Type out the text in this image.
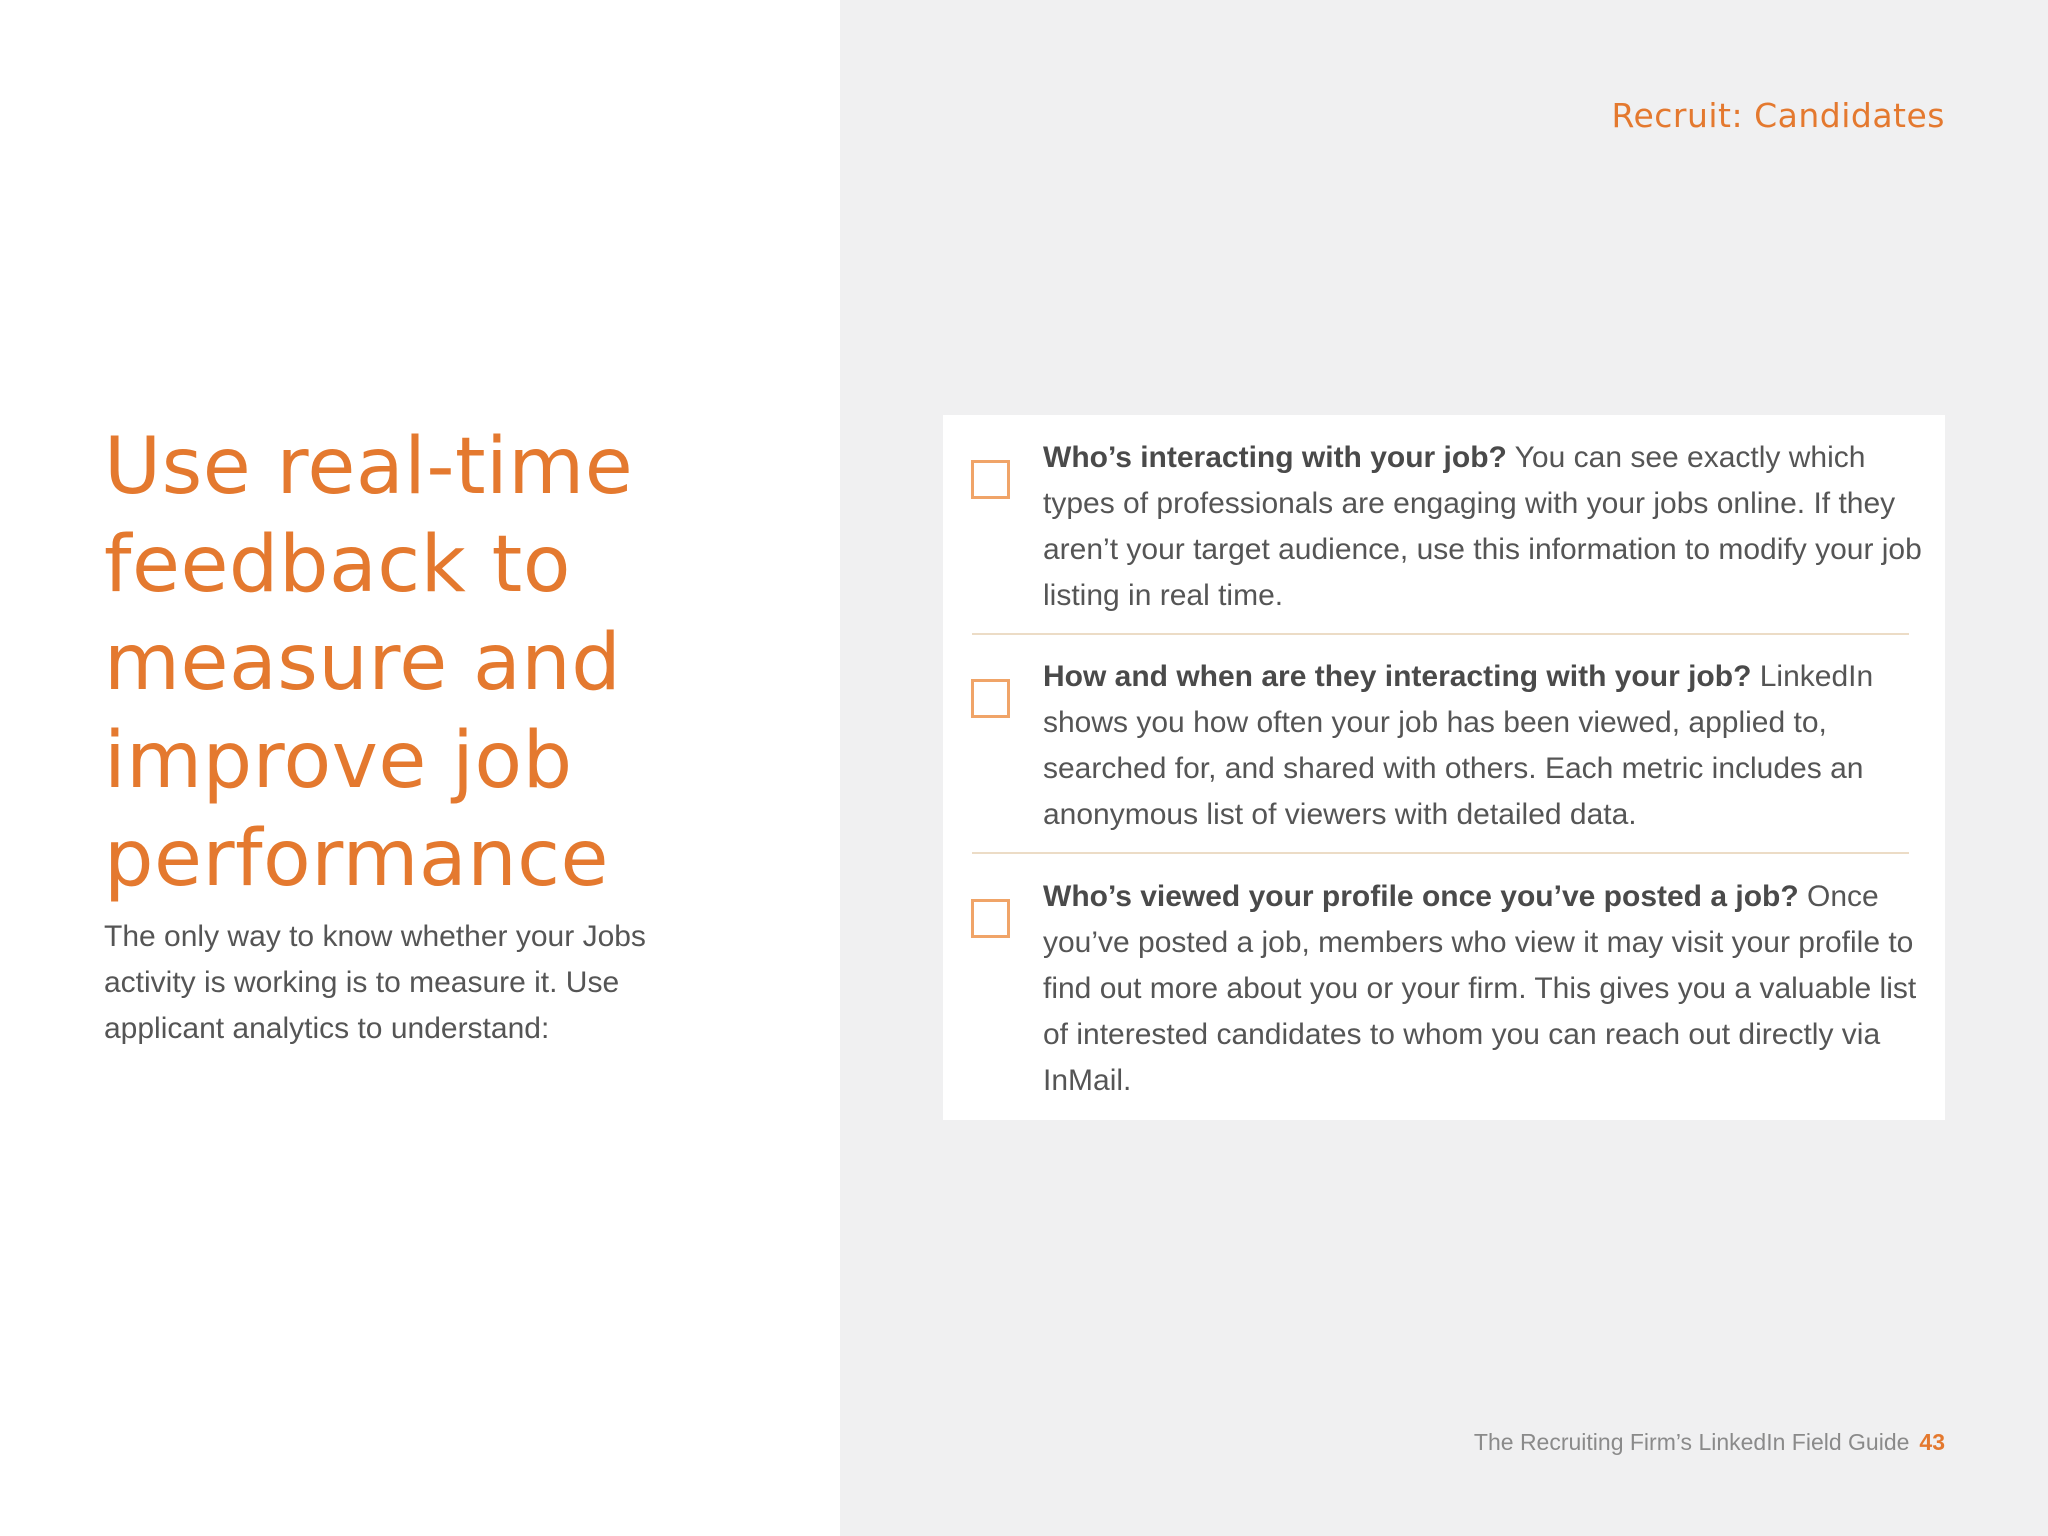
Use real-time feedback to measure and improve job performance

The only way to know whether your Jobs activity is working is to measure it. Use applicant analytics to understand:

Recruit: Candidates

Who’s interacting with your job? You can see exactly which types of professionals are engaging with your jobs online. If they aren’t your target audience, use this information to modify your job listing in real time.

How and when are they interacting with your job? LinkedIn shows you how often your job has been viewed, applied to, searched for, and shared with others. Each metric includes an anonymous list of viewers with detailed data.

Who’s viewed your profile once you’ve posted a job? Once you’ve posted a job, members who view it may visit your profile to find out more about you or your firm. This gives you a valuable list of interested candidates to whom you can reach out directly via InMail.

The Recruiting Firm’s LinkedIn Field Guide 43
